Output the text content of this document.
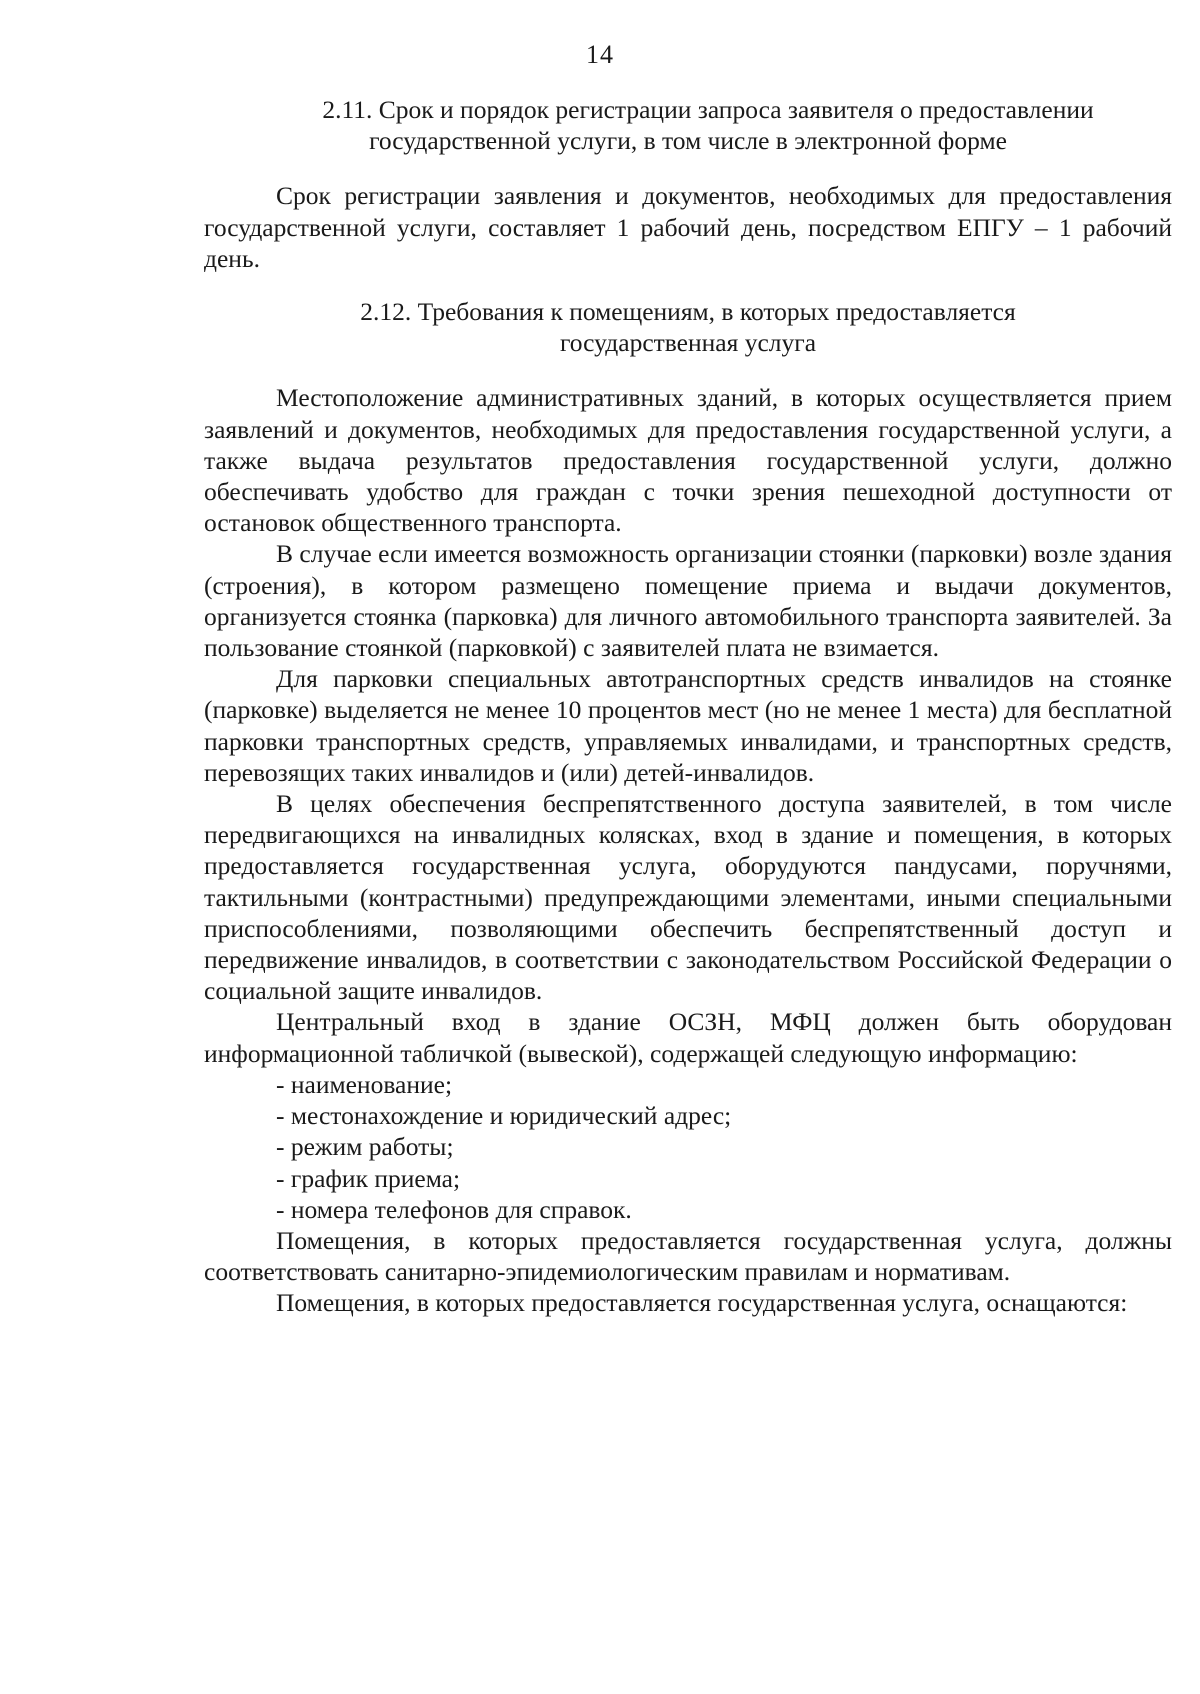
14

2.11. Срок и порядок регистрации запроса заявителя о предоставлении

государственной услуги, в том числе в электронной форме

Срок регистрации заявления и документов, необходимых для предоставления государственной услуги, составляет 1 рабочий день, посредством ЕПГУ – 1 рабочий день.

2.12. Требования к помещениям, в которых предоставляется

государственная услуга

Местоположение административных зданий, в которых осуществляется прием заявлений и документов, необходимых для предоставления государственной услуги, а также выдача результатов предоставления государственной услуги, должно обеспечивать удобство для граждан с точки зрения пешеходной доступности от остановок общественного транспорта.

В случае если имеется возможность организации стоянки (парковки) возле здания (строения), в котором размещено помещение приема и выдачи документов, организуется стоянка (парковка) для личного автомобильного транспорта заявителей. За пользование стоянкой (парковкой) с заявителей плата не взимается.

Для парковки специальных автотранспортных средств инвалидов на стоянке (парковке) выделяется не менее 10 процентов мест (но не менее 1 места) для бесплатной парковки транспортных средств, управляемых инвалидами, и транспортных средств, перевозящих таких инвалидов и (или) детей-инвалидов.

В целях обеспечения беспрепятственного доступа заявителей, в том числе передвигающихся на инвалидных колясках, вход в здание и помещения, в которых предоставляется государственная услуга, оборудуются пандусами, поручнями, тактильными (контрастными) предупреждающими элементами, иными специальными приспособлениями, позволяющими обеспечить беспрепятственный доступ и передвижение инвалидов, в соответствии с законодательством Российской Федерации о социальной защите инвалидов.

Центральный вход в здание ОСЗН, МФЦ должен быть оборудован информационной табличкой (вывеской), содержащей следующую информацию:

- наименование;

- местонахождение и юридический адрес;

- режим работы;

- график приема;

- номера телефонов для справок.

Помещения, в которых предоставляется государственная услуга, должны соответствовать санитарно-эпидемиологическим правилам и нормативам.

Помещения, в которых предоставляется государственная услуга, оснащаются:
